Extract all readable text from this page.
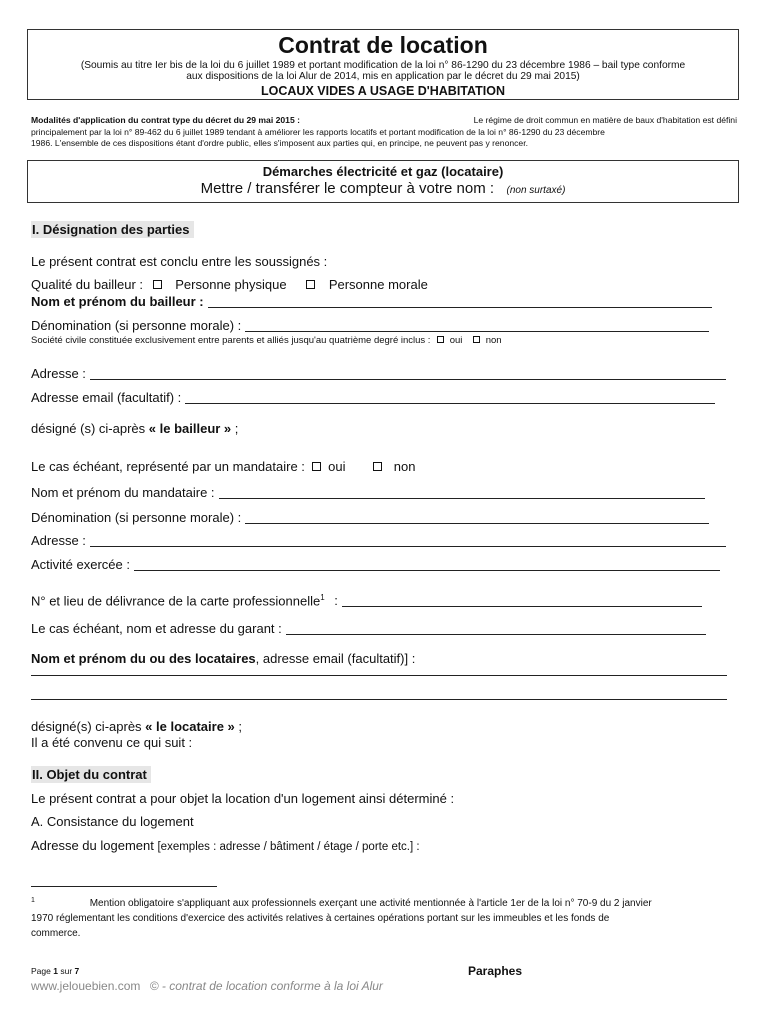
Contrat de location
(Soumis au titre Ier bis de la loi du 6 juillet 1989 et portant modification de la loi n° 86-1290 du 23 décembre 1986 – bail type conforme
aux dispositions de la loi Alur de 2014, mis en application par le décret du 29 mai 2015)
LOCAUX VIDES A USAGE D'HABITATION
Modalités d'application du contrat type du décret du 29 mai 2015 :	Le régime de droit commun en matière de baux d'habitation est défini
principalement par la loi n° 89-462 du 6 juillet 1989 tendant à améliorer les rapports locatifs et portant modification de la loi n° 86-1290 du 23 décembre
1986. L'ensemble de ces dispositions étant d'ordre public, elles s'imposent aux parties qui, en principe, ne peuvent pas y renoncer.
Démarches électricité et gaz (locataire)
Mettre / transférer le compteur à votre nom : (non surtaxé)
I. Désignation des parties
Le présent contrat est conclu entre les soussignés :
Qualité du bailleur : Personne physique	Personne morale
Nom et prénom du bailleur :
Dénomination (si personne morale) :
Société civile constituée exclusivement entre parents et alliés jusqu'au quatrième degré inclus : oui non
Adresse :
Adresse email (facultatif) :
désigné (s) ci-après « le bailleur » ;
Le cas échéant, représenté par un mandataire : oui	non
Nom et prénom du mandataire :
Dénomination (si personne morale) :
Adresse :
Activité exercée :
N° et lieu de délivrance de la carte professionnelle$^1$ :
Le cas échéant, nom et adresse du garant :
Nom et prénom du ou des locataires, adresse email (facultatif)] :
désigné(s) ci-après « le locataire » ;
Il a été convenu ce qui suit :
II. Objet du contrat
Le présent contrat a pour objet la location d'un logement ainsi déterminé :
A. Consistance du logement
Adresse du logement [exemples : adresse / bâtiment / étage / porte etc.] :
$^1$	Mention obligatoire s'appliquant aux professionnels exerçant une activité mentionnée à l'article 1er de la loi n° 70-9 du 2 janvier
1970 réglementant les conditions d'exercice des activités relatives à certaines opérations portant sur les immeubles et les fonds de
commerce.
Page 1 sur 7	Paraphes
www.jelouebien.com © - contrat de location conforme à la loi Alur
